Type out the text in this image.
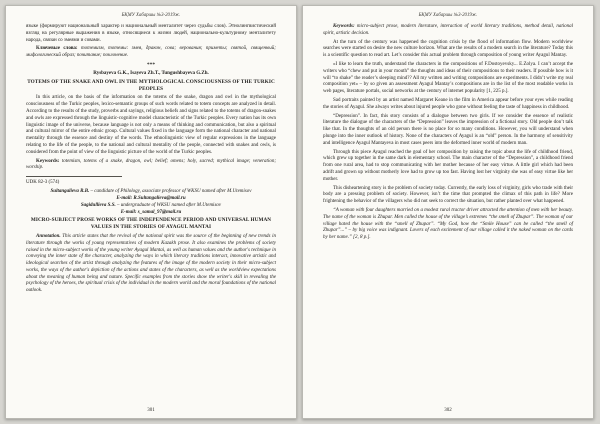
БҚМУ Хабаршы №3-2019ж.

языке (формируют национальный характер и национальный менталитет через судьбы слов). Этнолингвистический взгляд на регулярные выражения в языке, относящиеся к жизни людей, национально-культурному менталитету народа, связан со змеями и совами.

Ключевые слова: тотемизм, тотемы: змея, дракон, сова; верования; приметы; святой, священный; мифологический образ; почитание; поклонение.

***
Rysbayeva G.K., Isayeva Zh.T., Tungushbayeva G.Zh.
TOTEMS OF THE SNAKE AND OWL IN THE MYTHOLOGICAL CONSCIOUSNESS OF THE TURKIC PEOPLES

In this article, on the basis of the information on the totems of the snake, dragon and owl in the mythological consciousness of the Turkic peoples, lexico-semantic groups of such words related to totem concepts are analyzed in detail. According to the results of the study, proverbs and sayings, religious beliefs and signs related to the totems of dragon-snakes and owls are expressed through the linguistic-cognitive model characteristic of the Turkic peoples. Every nation has its own linguistic image of the universe, because language is not only a means of thinking and communication, but also a spiritual and cultural mirror of the entire ethnic group. Cultural values fixed in the language form the national character and national mentality through the essence and destiny of the words. The ethnolinguistic view of regular expressions in the language relating to the life of the people, to the national and cultural mentality of the people, connected with snakes and owls, is considered from the point of view of the linguistic picture of the world of the Turkic peoples.

Keywords: totemism, totems of a snake, dragon, owl; belief; omens; holy, sacred; mythical image; veneration; worship.

UDK 82-3 (574)

Sultangalieva R.B. – candidate of Philology, associate professor of WKSU named after M.Utemisov

E-mail: R.Sultangalieva@mail.ru

Sagidullieva S.S. – undergraduate of WKSU named after M.Utemisov

E-mail: s_samal_97@mail.ru

MICRO-SUBJECT PROSE WORKS OF THE INDEPENDENCE PERIOD AND UNIVERSAL HUMAN VALUES IN THE STORIES OF AYAGUL MANTAI

Annotation. This article states that the revival of the national spirit was the source of the beginning of new trends in literature through the works of young representatives of modern Kazakh prose. It also examines the problems of society raised in the micro-subject works of the young writer Ayagul Mantai, as well as human values and the author's technique in conveying the inner state of the character, analyzing the ways in which literary traditions interact, innovative artistic and ideological searches of the artist through analyzing the features of the image of the modern society in their micro-subject works, the ways of the author's depiction of the actions and states of the characters, as well as the worldview expectations about the meaning of human being and nature. Specific examples from the stories show the writer's skill in revealing the psychology of the heroes, the spiritual crisis of the individual in the modern world and the moral foundations of the national outlook.

301
БҚМУ Хабаршы №3-2019ж.

Keywords: micro-subject prose, modern literature, interaction of world literary traditions, method detail, national spirit, artistic decision.

At the turn of the century was happened the cognition crisis by the flood of information flow. Modern worldview searches were started on desire the new culture horizon. What are the results of a modern search in the literature? Today this is a scientific question to read art. Let’s consider this actual problem through composition of young writer Ayagul Mantay.

«I like to learn the truth, understand the characters in the compositions of F.Dostoyevsky... E.Zolya. I can’t accept the writers who “chew and put in your mouth” the thoughts and ideas of their compositions to their readers. If possible how is it will “to shake” the reader’s sleeping mind?? All my written and writing compositions are experiments. I didn’t write my real composition yet» – by so given an assessment Ayagul Mantay’s compositions are in the list of the most readable works in web pages, literature portals, social networks at the century of internet popularity [1, 225 p.].

Sad portraits painted by an artist named Margaret Keane in the film in America appear before your eyes while reading the stories of Ayagul. She always writes about injured people who gone without feeling the taste of happiness in childhood.

“Depression”. In fact, this story consists of a dialogue between two girls. If we consider the essence of realistic literature the dialogue of the characters of the “Depression” leaves the impression of a fictional story. Old people don’t talk like that. In the thoughts of an old person there is no place for so many conditions. However, you will understand when plunge into the inner outlook of history. None of the characters of Ayagul is an “old” person. In the harmony of sensitivity and intelligence Ayagul Mantayeva in most cases peers into the deformed inner world of modern man.

Through this piece Ayagul reached the goal of her composition by raising the topic about the life of childhood friend, which grew up together in the same dark in elementary school. The main character of the “Depression”, a childhood friend from one rural area, had to stop communicating with her mother because of her easy virtue. A little girl which had been adrift and grown up without motherly love had to grow up too fast. Having lost her virginity she was of easy virtue like her mother.

This disheartening story is the problem of society today. Currently, the early loss of virginity, girls who trade with their body are a pressing problem of society. However, isn’t the time that prompted the climax of this path in life? More frightening the behavior of the villagers who did not seek to correct the situation, but rather planted over what happened.

“A woman with four daughters married on a modest rural tractor driver attracted the attention of men with her beauty. The name of the woman is Zhupar. Men called the house of the village’s extremes “the smell of Zhupar”. The woman of our village hated the house with the “smell of Zhupar”. “My God, how the “Smile House” can be called “the smell of Zhupar”...” – by big voice was indignant. Lovers of each excitement of our village called it the naked woman on the cards by her name.” [2, 8 p.].

302
